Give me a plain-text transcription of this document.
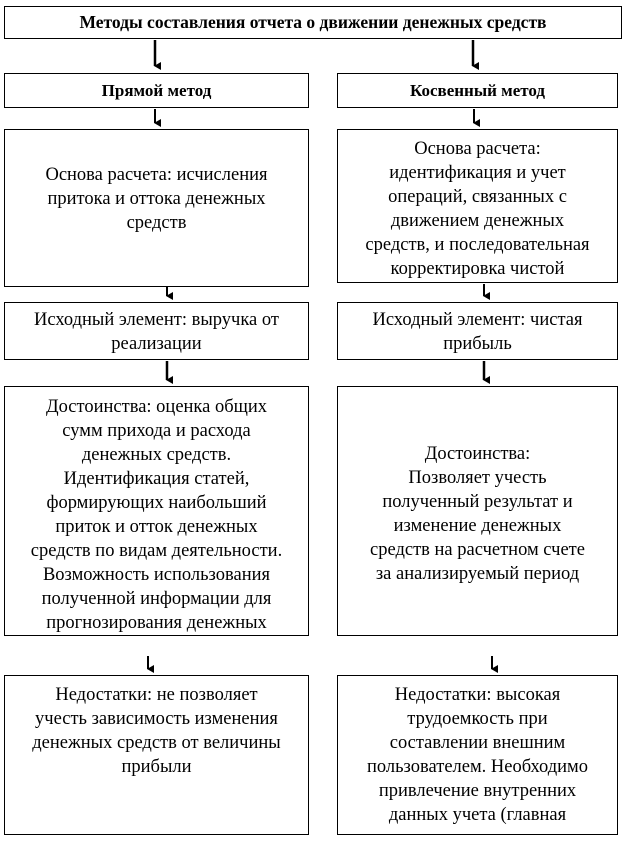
Методы составления отчета о движении денежных средств
Прямой метод	Косвенный метод
Основа расчета: исчисления
притока и оттока денежных
средств
Основа расчета:
идентификация и учет
операций, связанных с
движением денежных
средств, и последовательная
корректировка чистой
Исходный элемент: выручка от
реализации
Исходный элемент: чистая
прибыль
Достоинства: оценка общих
сумм прихода и расхода
денежных средств.
Идентификация статей,
формирующих наибольший
приток и отток денежных
средств по видам деятельности.
Возможность использования
полученной информации для
прогнозирования денежных
Достоинства:
Позволяет учесть
полученный результат и
изменение денежных
средств на расчетном счете
за анализируемый период
Недостатки: не позволяет
учесть зависимость изменения
денежных средств от величины
прибыли
Недостатки: высокая
трудоемкость при
составлении внешним
пользователем. Необходимо
привлечение внутренних
данных учета (главная
